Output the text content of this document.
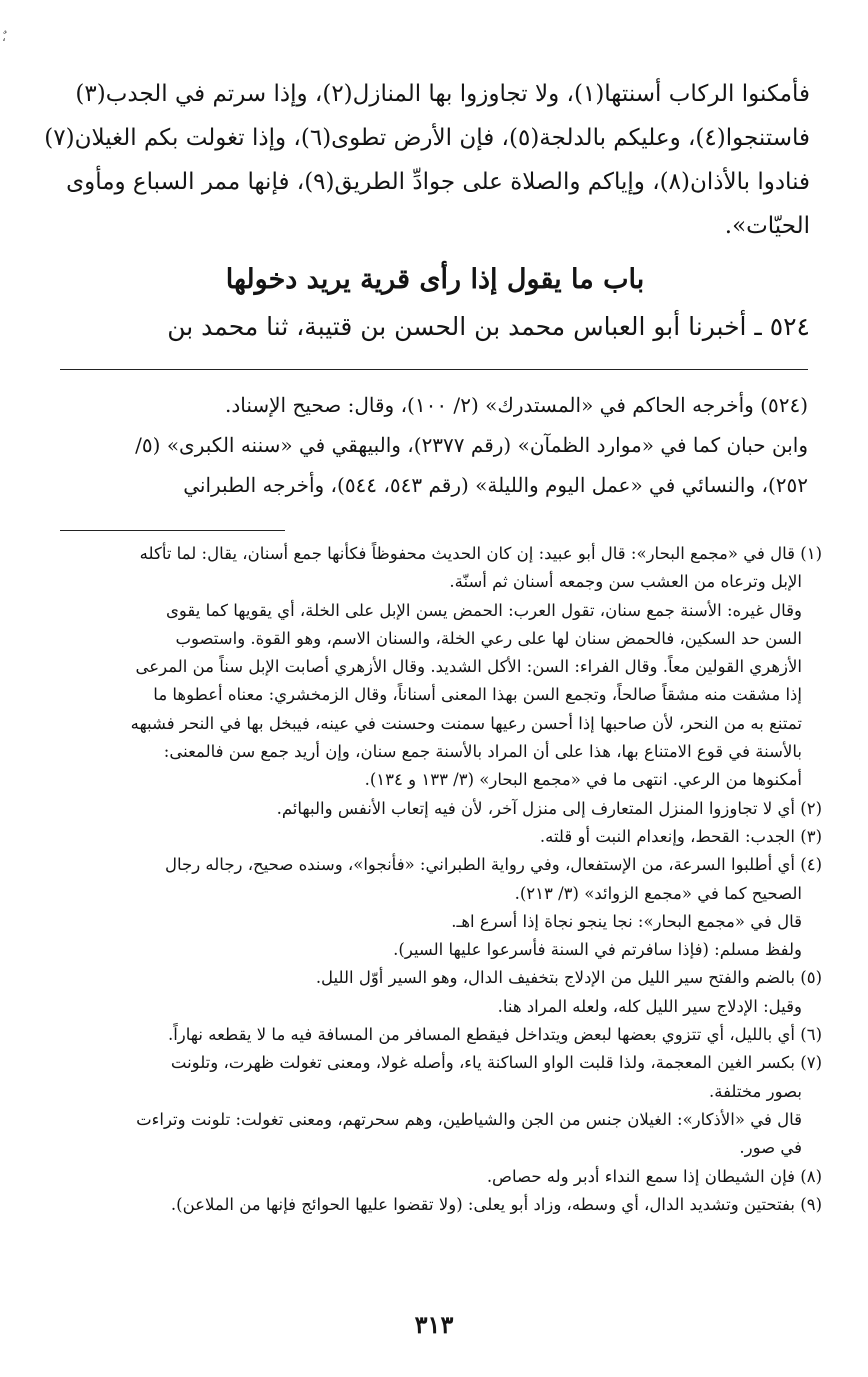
،ٌ
فأمكنوا الركاب أسنتها(١)، ولا تجاوزوا بها المنازل(٢)، وإذا سرتم في الجدب(٣)
فاستنجوا(٤)، وعليكم بالدلجة(٥)، فإن الأرض تطوى(٦)، وإذا تغولت بكم الغيلان(٧)
فنادوا بالأذان(٨)، وإياكم والصلاة على جوادِّ الطريق(٩)، فإنها ممر السباع ومأوى
الحيّات».
باب ما يقول إذا رأى قرية يريد دخولها
٥٢٤ ـ أخبرنا أبو العباس محمد بن الحسن بن قتيبة، ثنا محمد بن
(٥٢٤) وأخرجه الحاكم في «المستدرك» (٢/ ١٠٠)، وقال: صحيح الإسناد.
وابن حبان كما في «موارد الظمآن» (رقم ٢٣٧٧)، والبيهقي في «سننه الكبرى» (٥/
٢٥٢)، والنسائي في «عمل اليوم والليلة» (رقم ٥٤٣، ٥٤٤)، وأخرجه الطبراني
(١) قال في «مجمع البحار»: قال أبو عبيد: إن كان الحديث محفوظاً فكأنها جمع أسنان، يقال: لما تأكله
الإبل وترعاه من العشب سن وجمعه أسنان ثم أسنّة.
وقال غيره: الأسنة جمع سنان، تقول العرب: الحمض يسن الإبل على الخلة، أي يقويها كما يقوى
السن حد السكين، فالحمض سنان لها على رعي الخلة، والسنان الاسم، وهو القوة. واستصوب
الأزهري القولين معاً. وقال الفراء: السن: الأكل الشديد. وقال الأزهري أصابت الإبل سناً من المرعى
إذا مشقت منه مشقاً صالحاً، وتجمع السن بهذا المعنى أسناناً، وقال الزمخشري: معناه أعطوها ما
تمتنع به من النحر، لأن صاحبها إذا أحسن رعيها سمنت وحسنت في عينه، فيبخل بها في النحر فشبهه
بالأسنة في قوع الامتناع بها، هذا على أن المراد بالأسنة جمع سنان، وإن أريد جمع سن فالمعنى:
أمكنوها من الرعي. انتهى ما في «مجمع البحار» (٣/ ١٣٣ و ١٣٤).
(٢) أي لا تجاوزوا المنزل المتعارف إلى منزل آخر، لأن فيه إتعاب الأنفس والبهائم.
(٣) الجدب: القحط، وإنعدام النبت أو قلته.
(٤) أي أطلبوا السرعة، من الإستفعال، وفي رواية الطبراني: «فأنجوا»، وسنده صحيح، رجاله رجال
الصحيح كما في «مجمع الزوائد» (٣/ ٢١٣).
قال في «مجمع البحار»: نجا ينجو نجاة إذا أسرع اهـ.
ولفظ مسلم: (فإذا سافرتم في السنة فأسرعوا عليها السير).
(٥) بالضم والفتح سير الليل من الإدلاج بتخفيف الدال، وهو السير أوّل الليل.
وقيل: الإدلاج سير الليل كله، ولعله المراد هنا.
(٦) أي بالليل، أي تتزوي بعضها لبعض ويتداخل فيقطع المسافر من المسافة فيه ما لا يقطعه نهاراً.
(٧) بكسر الغين المعجمة، ولذا قلبت الواو الساكنة ياء، وأصله غولا، ومعنى تغولت ظهرت، وتلونت
بصور مختلفة.
قال في «الأذكار»: الغيلان جنس من الجن والشياطين، وهم سحرتهم، ومعنى تغولت: تلونت وتراءت
في صور.
(٨) فإن الشيطان إذا سمع النداء أدبر وله حصاص.
(٩) بفتحتين وتشديد الدال، أي وسطه، وزاد أبو يعلى: (ولا تقضوا عليها الحوائج فإنها من الملاعن).
٣١٣
